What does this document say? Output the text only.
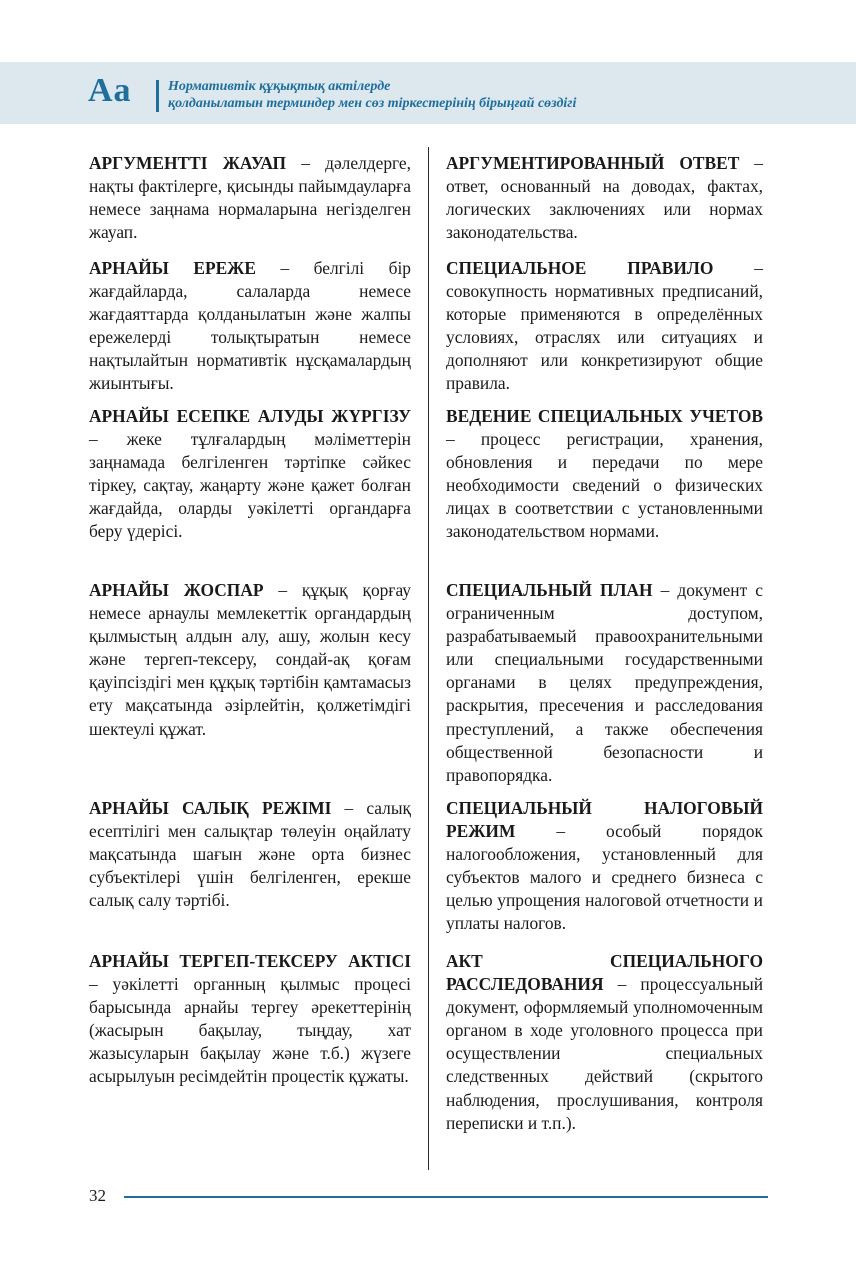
Aa	Нормативтік құқықтық актілерде
қолданылатын терминдер мен сөз тіркестерінің бірыңғай сөздігі
АРГУМЕНТТІ ЖАУАП – дәлелдерге, нақты фактілерге, қисынды пайымдауларға немесе заңнама нормаларына негізделген жауап.
АРГУМЕНТИРОВАННЫЙ ОТВЕТ – ответ, основанный на доводах, фактах, логических заключениях или нормах законодательства.
АРНАЙЫ ЕРЕЖЕ – белгілі бір жағдайларда, салаларда немесе жағдаяттарда қолданылатын және жалпы ережелерді толықтыратын немесе нақтылайтын нормативтік нұсқамалардың жиынтығы.
СПЕЦИАЛЬНОЕ ПРАВИЛО – совокупность нормативных предписаний, которые применяются в определённых условиях, отраслях или ситуациях и дополняют или конкретизируют общие правила.
АРНАЙЫ ЕСЕПКЕ АЛУДЫ ЖҮРГІЗУ – жеке тұлғалардың мәліметтерін заңнамада белгіленген тәртіпке сәйкес тіркеу, сақтау, жаңарту және қажет болған жағдайда, оларды уәкілетті органдарға беру үдерісі.
ВЕДЕНИЕ СПЕЦИАЛЬНЫХ УЧЕТОВ – процесс регистрации, хранения, обновления и передачи по мере необходимости сведений о физических лицах в соответствии с установленными законодательством нормами.
АРНАЙЫ ЖОСПАР – құқық қорғау немесе арнаулы мемлекеттік органдардың қылмыстың алдын алу, ашу, жолын кесу және тергеп-тексеру, сондай-ақ қоғам қауіпсіздігі мен құқық тәртібін қамтамасыз ету мақсатында әзірлейтін, қолжетімдігі шектеулі құжат.
СПЕЦИАЛЬНЫЙ ПЛАН – документ с ограниченным доступом, разрабатываемый правоохранительными или специальными государственными органами в целях предупреждения, раскрытия, пресечения и расследования преступлений, а также обеспечения общественной безопасности и правопорядка.
АРНАЙЫ САЛЫҚ РЕЖІМІ – салық есептілігі мен салықтар төлеуін оңайлату мақсатында шағын және орта бизнес субъектілері үшін белгіленген, ерекше салық салу тәртібі.
СПЕЦИАЛЬНЫЙ НАЛОГОВЫЙ РЕЖИМ – особый порядок налогообложения, установленный для субъектов малого и среднего бизнеса с целью упрощения налоговой отчетности и уплаты налогов.
АРНАЙЫ ТЕРГЕП-ТЕКСЕРУ АКТІСІ – уәкілетті органның қылмыс процесі барысында арнайы тергеу әрекеттерінің (жасырын бақылау, тыңдау, хат жазысуларын бақылау және т.б.) жүзеге асырылуын ресімдейтін процестік құжаты.
АКТ СПЕЦИАЛЬНОГО РАССЛЕДОВАНИЯ – процессуальный документ, оформляемый уполномоченным органом в ходе уголовного процесса при осуществлении специальных следственных действий (скрытого наблюдения, прослушивания, контроля переписки и т.п.).
32
